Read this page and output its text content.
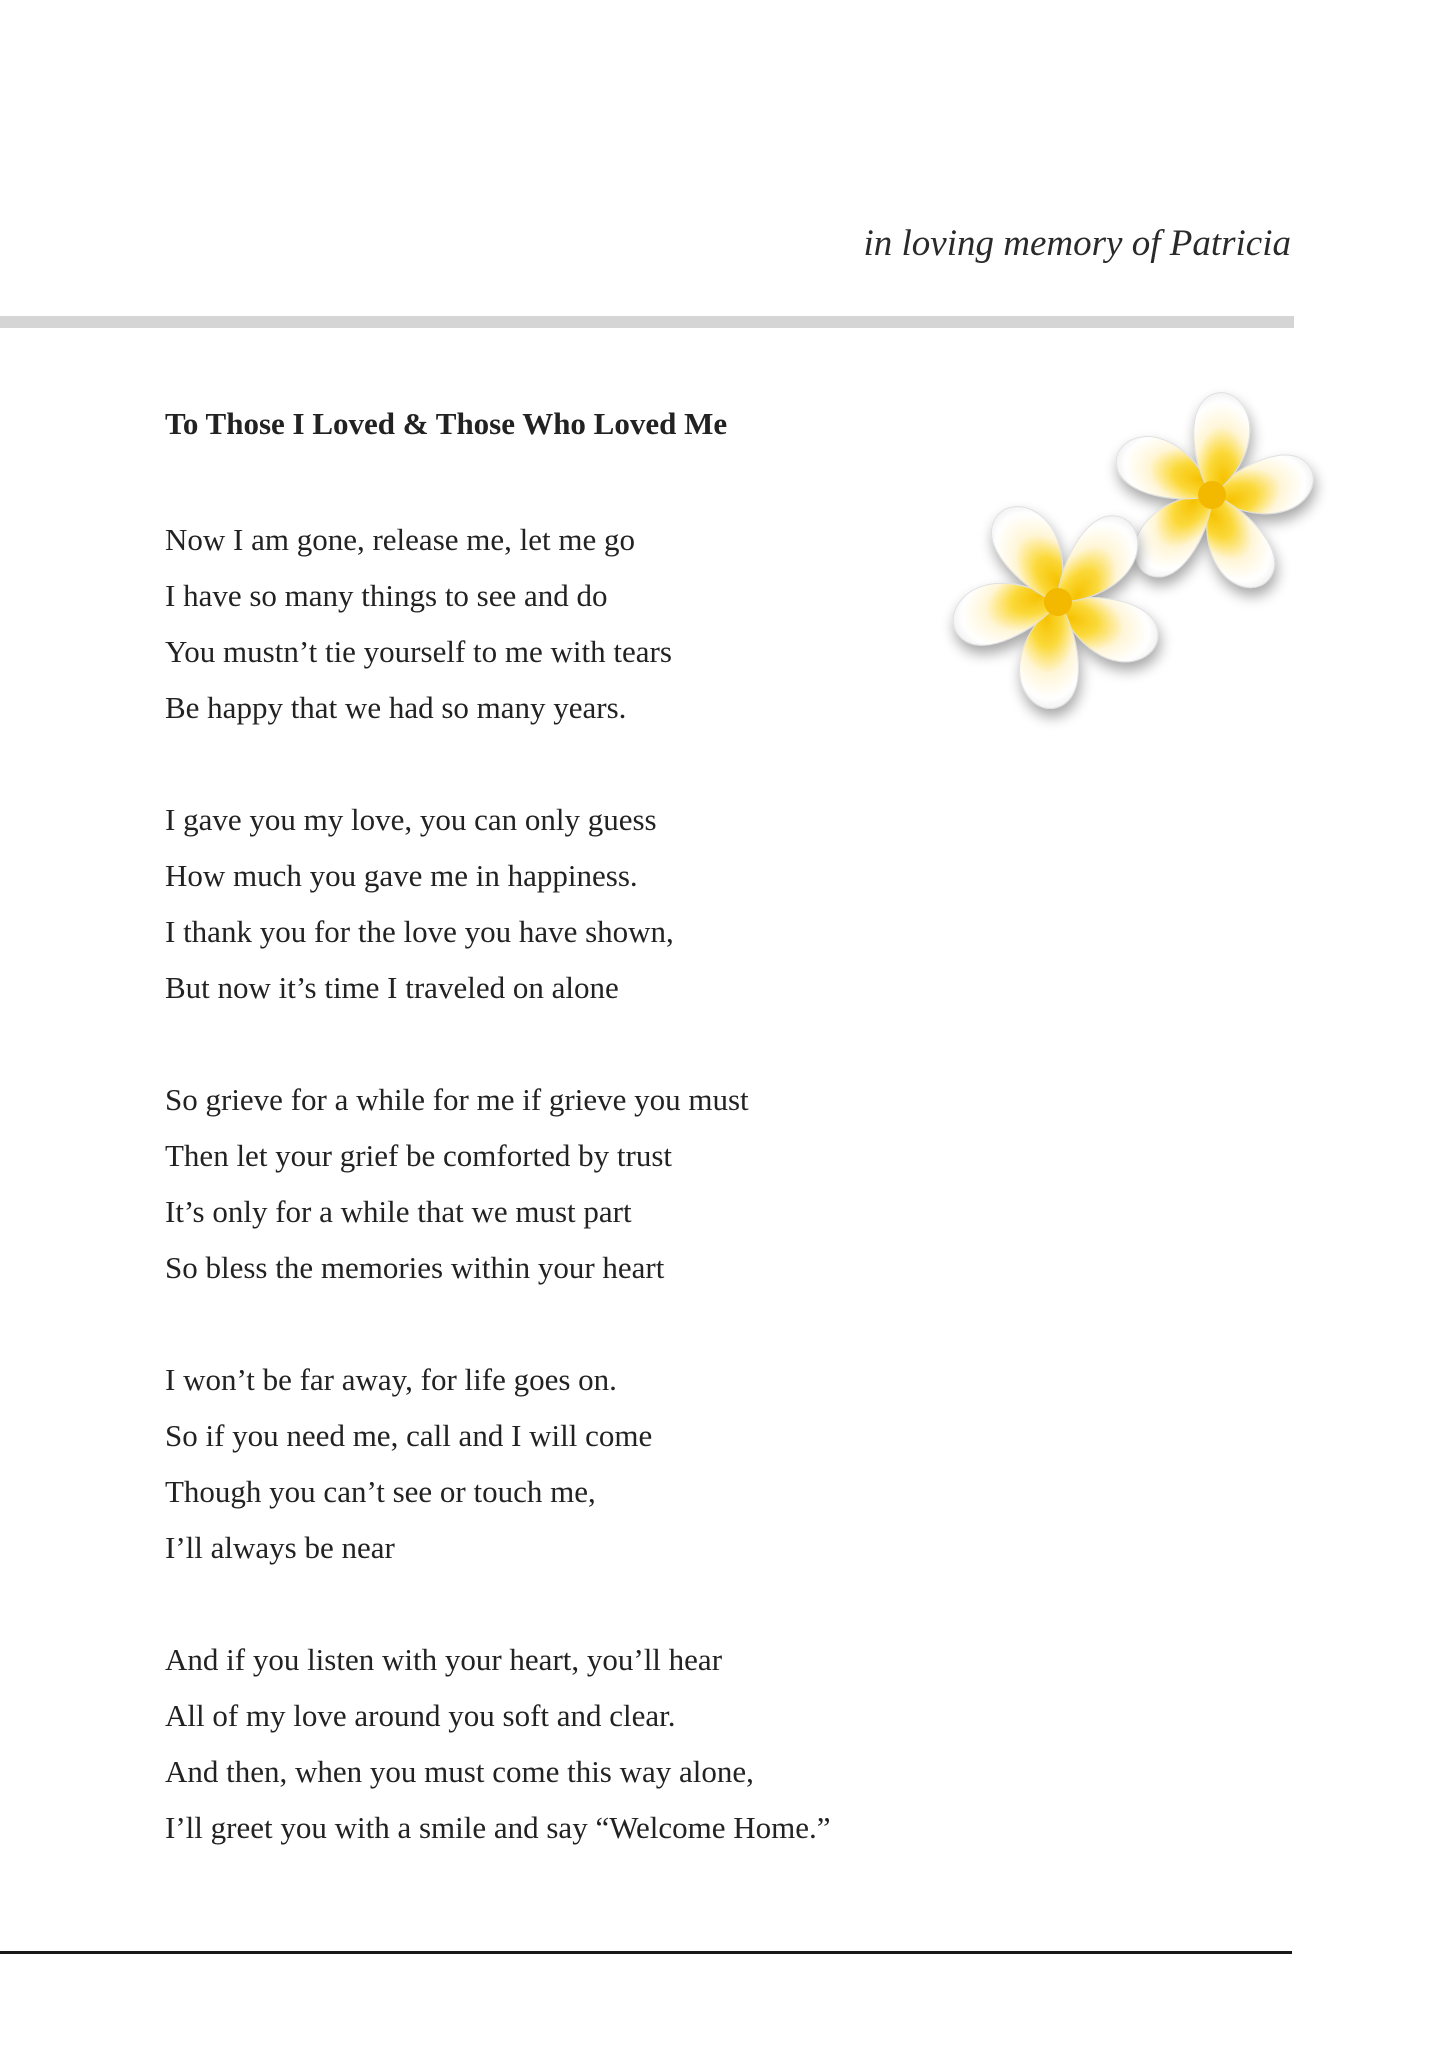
in loving memory of Patricia
To Those I Loved & Those Who Loved Me
Now I am gone, release me, let me go
I have so many things to see and do
You mustn’t tie yourself to me with tears
Be happy that we had so many years.
I gave you my love, you can only guess
How much you gave me in happiness.
I thank you for the love you have shown,
But now it’s time I traveled on alone
So grieve for a while for me if grieve you must
Then let your grief be comforted by trust
It’s only for a while that we must part
So bless the memories within your heart
I won’t be far away, for life goes on.
So if you need me, call and I will come
Though you can’t see or touch me,
I’ll always be near
And if you listen with your heart, you’ll hear
All of my love around you soft and clear.
And then, when you must come this way alone,
I’ll greet you with a smile and say “Welcome Home.”
